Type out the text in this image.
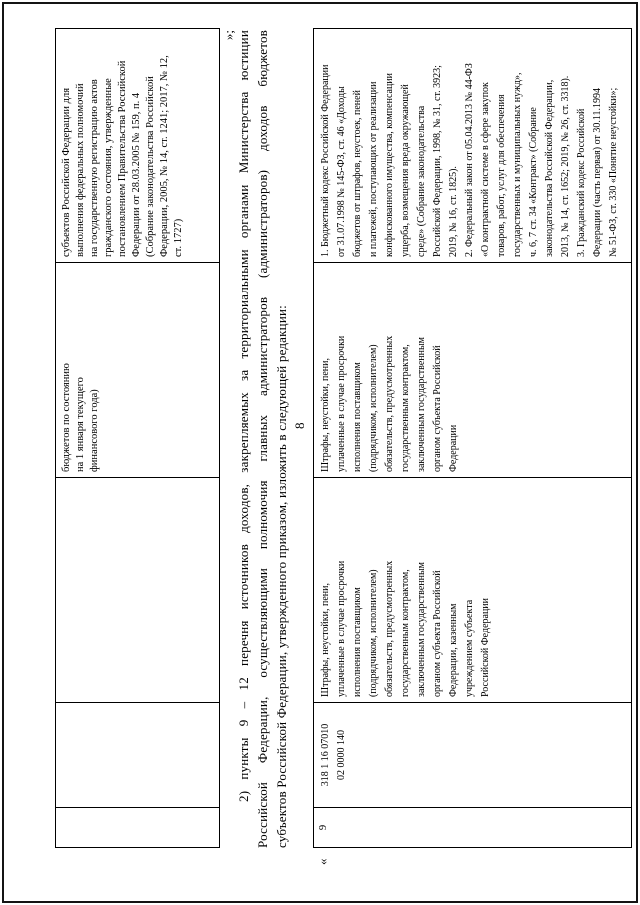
бюджетов по состоянию на 1 января текущего финансового года)
субъектов Российской Федерации для выполнения федеральных полномочий на государственную регистрацию актов гражданского состояния, утвержденные постановлением Правительства Российской Федерации от 28.03.2005 № 159, п. 4 (Собрание законодательства Российской Федерации, 2005, № 14, ст. 1241; 2017, № 12, ст. 1727)
»; 2) пункты 9 – 12 перечня источников доходов, закрепляемых за территориальными органами Министерства юстиции Российской Федерации, осуществляющими полномочия главных администраторов (администраторов) доходов бюджетов субъектов Российской Федерации, утвержденного приказом, изложить в следующей редакции: 8
«
9
318 1 16 07010 02 0000 140
Штрафы, неустойки, пени, уплаченные в случае просрочки исполнения поставщиком (подрядчиком, исполнителем) обязательств, предусмотренных государственным контрактом, заключенным государственным органом субъекта Российской Федерации, казенным учреждением субъекта Российской Федерации
Штрафы, неустойки, пени, уплаченные в случае просрочки исполнения поставщиком (подрядчиком, исполнителем) обязательств, предусмотренных государственным контрактом, заключенным государственным органом субъекта Российской Федерации
1. Бюджетный кодекс Российской Федерации от 31.07.1998 № 145-ФЗ, ст. 46 «Доходы бюджетов от штрафов, неустоек, пеней и платежей, поступающих от реализации конфискованного имущества, компенсации ущерба, возмещения вреда окружающей среде» (Собрание законодательства Российской Федерации, 1998, № 31, ст. 3923; 2019, № 16, ст. 1825). 2. Федеральный закон от 05.04.2013 № 44-ФЗ «О контрактной системе в сфере закупок товаров, работ, услуг для обеспечения государственных и муниципальных нужд», ч. 6, 7 ст. 34 «Контракт» (Собрание законодательства Российской Федерации, 2013, № 14, ст. 1652; 2019, № 26, ст. 3318). 3. Гражданский кодекс Российской Федерации (часть первая) от 30.11.1994 № 51-ФЗ, ст. 330 «Понятие неустойки»;
